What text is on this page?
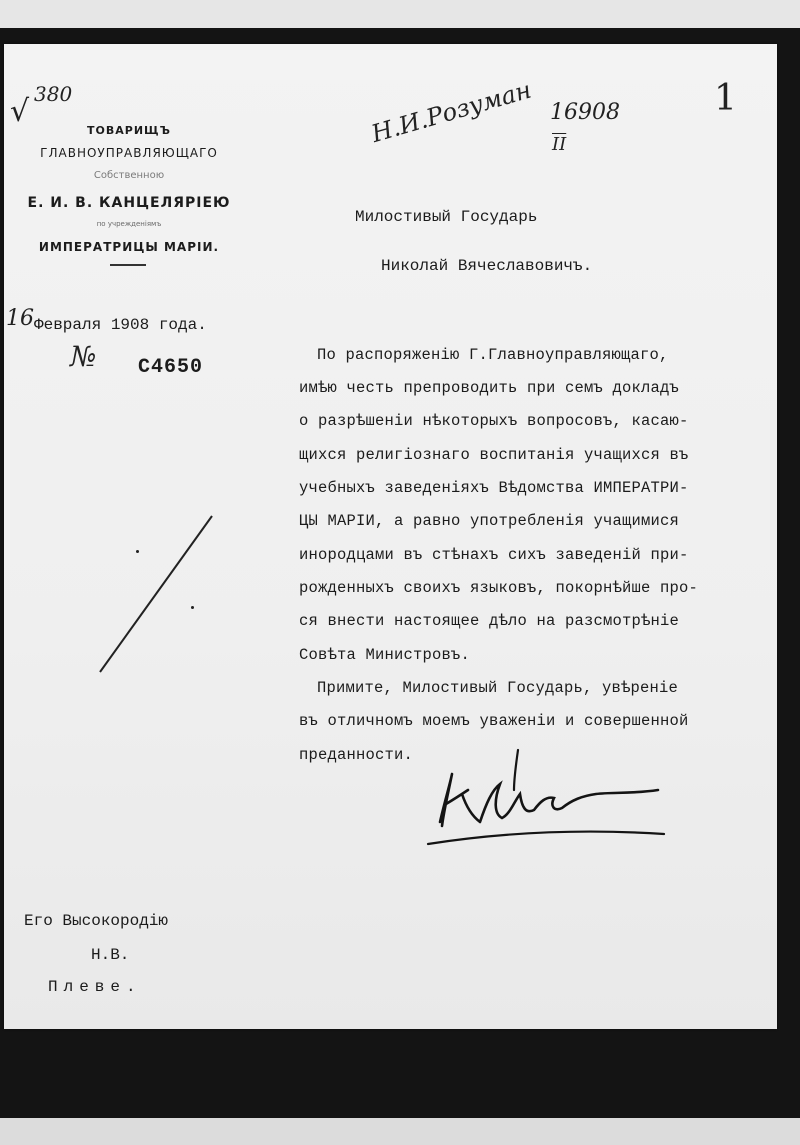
√ 380	Н.И.Розуман 16908
$\overline{II}$
1
ТОВАРИЩЪ
ГЛАВНОУПРАВЛЯЮЩАГО
Собственною
Е. И. В. КАНЦЕЛЯРІЕЮ
по учрежденіямъ
ИМПЕРАТРИЦЫ МАРІИ.
16 Февраля 1908 года.
№ С4650
Милостивый Государь
Николай Вячеславовичъ.
По распоряженію Г.Главноуправляющаго,
имѣю честь препроводить при семъ докладъ
о разрѣшеніи нѣкоторыхъ вопросовъ, касаю-
щихся религіознаго воспитанія учащихся въ
учебныхъ заведеніяхъ Вѣдомства ИМПЕРАТРИ-
ЦЫ МАРІИ, а равно употребленія учащимися
инородцами въ стѣнахъ сихъ заведеній при-
рожденныхъ своихъ языковъ, покорнѣйше про-
ся внести настоящее дѣло на разсмотрѣніе
Совѣта Министровъ.
Примите, Милостивый Государь, увѣреніе
въ отличномъ моемъ уваженіи и совершенной
преданности.
Его Высокородію
Н.В.
Плеве.
